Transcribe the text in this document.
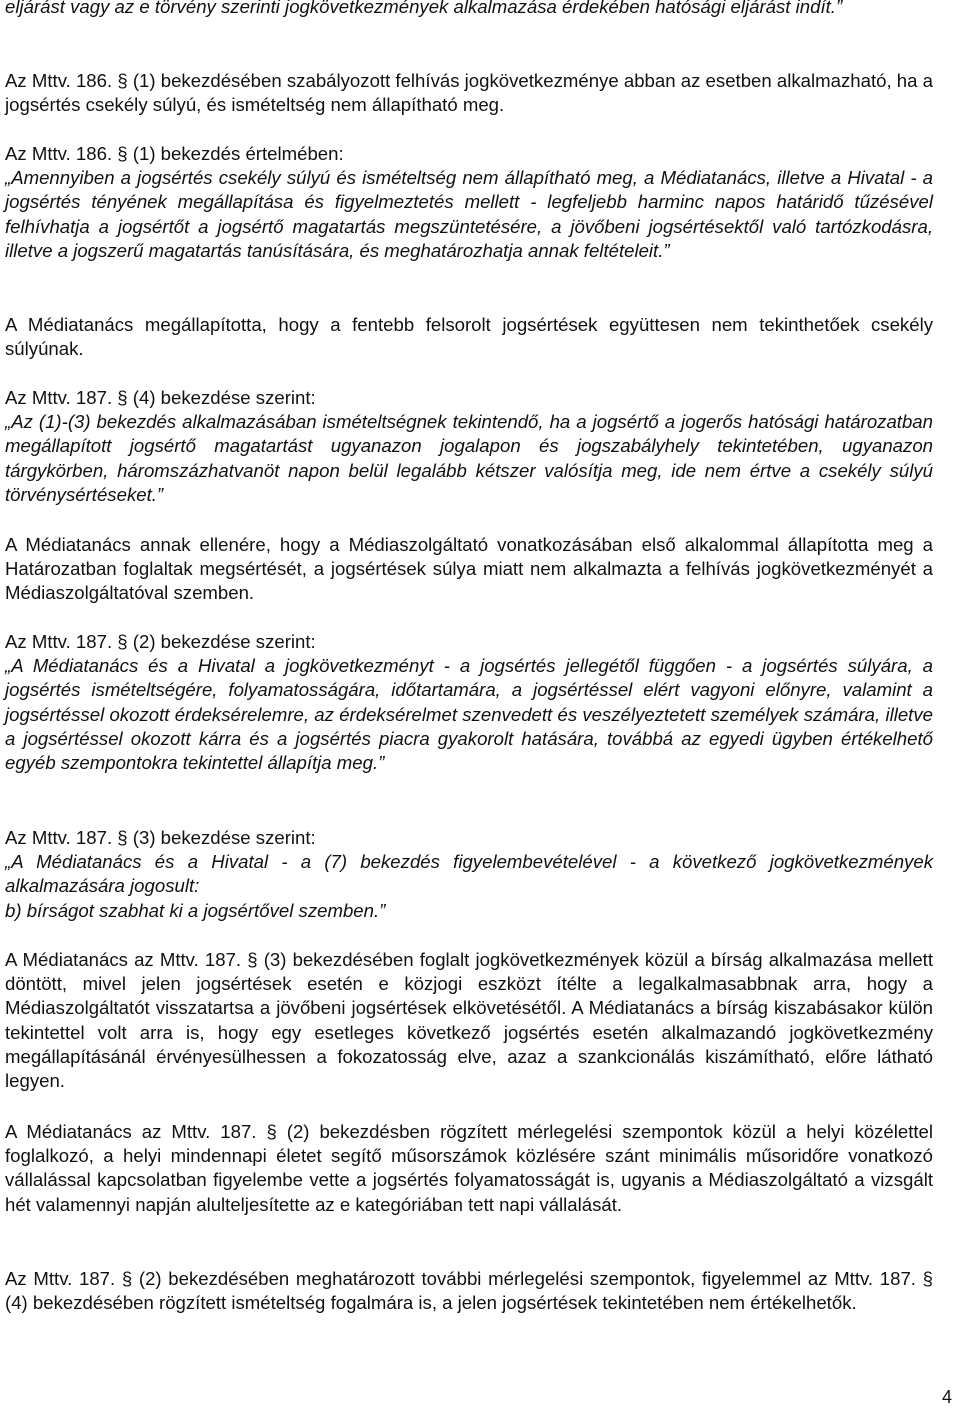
eljárást vagy az e törvény szerinti jogkövetkezmények alkalmazása érdekében hatósági eljárást indít.”

Az Mttv. 186. § (1) bekezdésében szabályozott felhívás jogkövetkezménye abban az esetben alkalmazható, ha a jogsértés csekély súlyú, és ismételtség nem állapítható meg.

Az Mttv. 186. § (1) bekezdés értelmében:

„Amennyiben a jogsértés csekély súlyú és ismételtség nem állapítható meg, a Médiatanács, illetve a Hivatal - a jogsértés tényének megállapítása és figyelmeztetés mellett - legfeljebb harminc napos határidő tűzésével felhívhatja a jogsértőt a jogsértő magatartás megszüntetésére, a jövőbeni jogsértésektől való tartózkodásra, illetve a jogszerű magatartás tanúsítására, és meghatározhatja annak feltételeit.”

A Médiatanács megállapította, hogy a fentebb felsorolt jogsértések együttesen nem tekinthetőek csekély súlyúnak.

Az Mttv. 187. § (4) bekezdése szerint:

„Az (1)-(3) bekezdés alkalmazásában ismételtségnek tekintendő, ha a jogsértő a jogerős hatósági határozatban megállapított jogsértő magatartást ugyanazon jogalapon és jogszabályhely tekintetében, ugyanazon tárgykörben, háromszázhatvanöt napon belül legalább kétszer valósítja meg, ide nem értve a csekély súlyú törvénysértéseket.”

A Médiatanács annak ellenére, hogy a Médiaszolgáltató vonatkozásában első alkalommal állapította meg a Határozatban foglaltak megsértését, a jogsértések súlya miatt nem alkalmazta a felhívás jogkövetkezményét a Médiaszolgáltatóval szemben.

Az Mttv. 187. § (2) bekezdése szerint:

„A Médiatanács és a Hivatal a jogkövetkezményt - a jogsértés jellegétől függően - a jogsértés súlyára, a jogsértés ismételtségére, folyamatosságára, időtartamára, a jogsértéssel elért vagyoni előnyre, valamint a jogsértéssel okozott érdeksérelemre, az érdeksérelmet szenvedett és veszélyeztetett személyek számára, illetve a jogsértéssel okozott kárra és a jogsértés piacra gyakorolt hatására, továbbá az egyedi ügyben értékelhető egyéb szempontokra tekintettel állapítja meg.”

Az Mttv. 187. § (3) bekezdése szerint:

„A Médiatanács és a Hivatal - a (7) bekezdés figyelembevételével - a következő jogkövetkezmények alkalmazására jogosult:

b) bírságot szabhat ki a jogsértővel szemben.”

A Médiatanács az Mttv. 187. § (3) bekezdésében foglalt jogkövetkezmények közül a bírság alkalmazása mellett döntött, mivel jelen jogsértések esetén e közjogi eszközt ítélte a legalkalmasabbnak arra, hogy a Médiaszolgáltatót visszatartsa a jövőbeni jogsértések elkövetésétől. A Médiatanács a bírság kiszabásakor külön tekintettel volt arra is, hogy egy esetleges következő jogsértés esetén alkalmazandó jogkövetkezmény megállapításánál érvényesülhessen a fokozatosság elve, azaz a szankcionálás kiszámítható, előre látható legyen.

A Médiatanács az Mttv. 187. § (2) bekezdésben rögzített mérlegelési szempontok közül a helyi közélettel foglalkozó, a helyi mindennapi életet segítő műsorszámok közlésére szánt minimális műsoridőre vonatkozó vállalással kapcsolatban figyelembe vette a jogsértés folyamatosságát is, ugyanis a Médiaszolgáltató a vizsgált hét valamennyi napján alulteljesítette az e kategóriában tett napi vállalását.

Az Mttv. 187. § (2) bekezdésében meghatározott további mérlegelési szempontok, figyelemmel az Mttv. 187. § (4) bekezdésében rögzített ismételtség fogalmára is, a jelen jogsértések tekintetében nem értékelhetők.

4
